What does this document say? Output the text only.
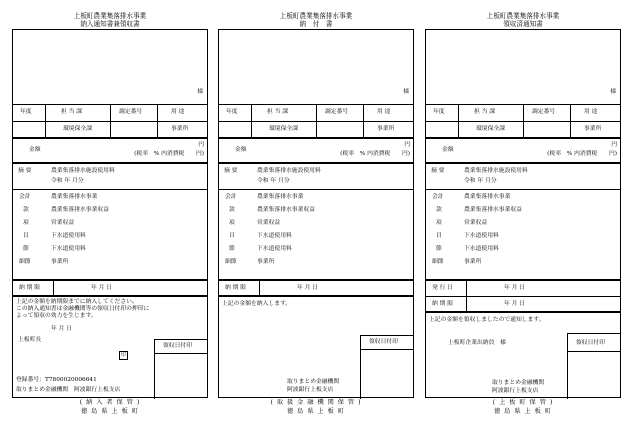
上板町農業集落排水事業
納入通知書兼領収書
様
年度	担 当 課	調定番号	用 途
環境保全課	事業所
金額
円
(税率　% 内消費税　　円)
摘 要	農業集落排水施設使用料
令和 年 月分
会計	農業集落排水事業
款	農業集落排水事業収益
項	営業収益
目	下水道使用料
節	下水道使用料
細節	事業所
納 期 限	年 月 日
上記の金額を納期限までに納入してください。
この納入通知書は金融機関等の領収日付印の押印に
よって領収の効力を生じます。
年 月 日
上板町長
印
領収日付印
登録番号：T7800020006641
取りまとめ金融機関　阿波銀行上板支店
( 納 入 者 保 管 )
徳 島 県 上 板 町
上板町農業集落排水事業
納　付　書
様
年度	担 当 課	調定番号	用 途
環境保全課	事業所
金額
円
(税率　% 内消費税　　円)
摘 要	農業集落排水施設使用料
令和 年 月分
会計	農業集落排水事業
款	農業集落排水事業収益
項	営業収益
目	下水道使用料
節	下水道使用料
細節	事業所
納 期 限	年 月 日
上記の金額を納入します。
領収日付印
取りまとめ金融機関
阿波銀行上板支店
( 取 扱 金 融 機 関 保 管 )
徳 島 県 上 板 町
上板町農業集落排水事業
領収済通知書
様
年度	担 当 課	調定番号	用 途
環境保全課	事業所
金額
円
(税率　% 内消費税　　円)
摘 要	農業集落排水施設使用料
令和 年 月分
会計	農業集落排水事業
款	農業集落排水事業収益
項	営業収益
目	下水道使用料
節	下水道使用料
細節	事業所
発 行 日	年 月 日
納 期 限	年 月 日
上記の金額を領収しましたので通知します。
上板町企業出納員　様	領収日付印
取りまとめ金融機関
阿波銀行上板支店
( 上 板 町 保 管 )
徳 島 県 上 板 町
